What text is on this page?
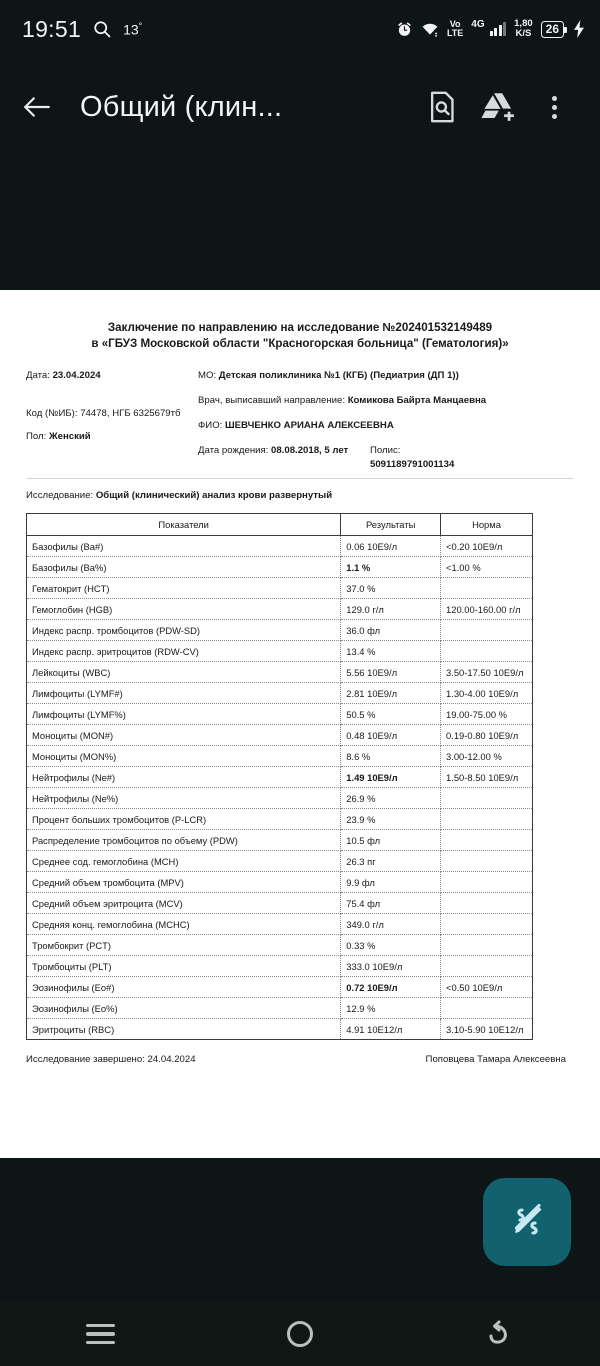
19:51	13°	Vo
LTE
4G	1,80
K/S	26
Общий (клин...
Заключение по направлению на исследование №202401532149489
в «ГБУЗ Московской области "Красногорская больница" (Гематология)»
Дата: 23.04.2024
Код (№ИБ): 74478, НГБ 6325679тб
Пол: Женский
МО: Детская поликлиника №1 (КГБ) (Педиатрия (ДП 1))
Врач, выписавший направление: Комикова Байрта Манцаевна
ФИО: ШЕВЧЕНКО АРИАНА АЛЕКСЕЕВНА
Дата рождения: 08.08.2018, 5 лет	Полис:
5091189791001134
Исследование: Общий (клинический) анализ крови развернутый
Показатели	Результаты	Норма
Базофилы (Ba#)	0.06 10E9/л	<0.20 10E9/л
Базофилы (Ba%)	1.1 %	<1.00 %
Гематокрит (HCT)	37.0 %	
Гемоглобин (HGB)	129.0 г/л	120.00-160.00 г/л
Индекс распр. тромбоцитов (PDW-SD)	36.0 фл	
Индекс распр. эритроцитов (RDW-CV)	13.4 %	
Лейкоциты (WBC)	5.56 10E9/л	3.50-17.50 10E9/л
Лимфоциты (LYMF#)	2.81 10E9/л	1.30-4.00 10E9/л
Лимфоциты (LYMF%)	50.5 %	19.00-75.00 %
Моноциты (MON#)	0.48 10E9/л	0.19-0.80 10E9/л
Моноциты (MON%)	8.6 %	3.00-12.00 %
Нейтрофилы (Ne#)	1.49 10E9/л	1.50-8.50 10E9/л
Нейтрофилы (Ne%)	26.9 %	
Процент больших тромбоцитов (P-LCR)	23.9 %	
Распределение тромбоцитов по объему (PDW)	10.5 фл	
Среднее сод. гемоглобина (MCH)	26.3 пг	
Средний объем тромбоцита (MPV)	9.9 фл	
Средний объем эритроцита (MCV)	75.4 фл	
Средняя конц. гемоглобина (MCHC)	349.0 г/л	
Тромбокрит (PCT)	0.33 %	
Тромбоциты (PLT)	333.0 10E9/л	
Эозинофилы (Eo#)	0.72 10E9/л	<0.50 10E9/л
Эозинофилы (Eo%)	12.9 %	
Эритроциты (RBC)	4.91 10E12/л	3.10-5.90 10E12/л
Исследование завершено: 24.04.2024	Поповцева Тамара Алексеевна
